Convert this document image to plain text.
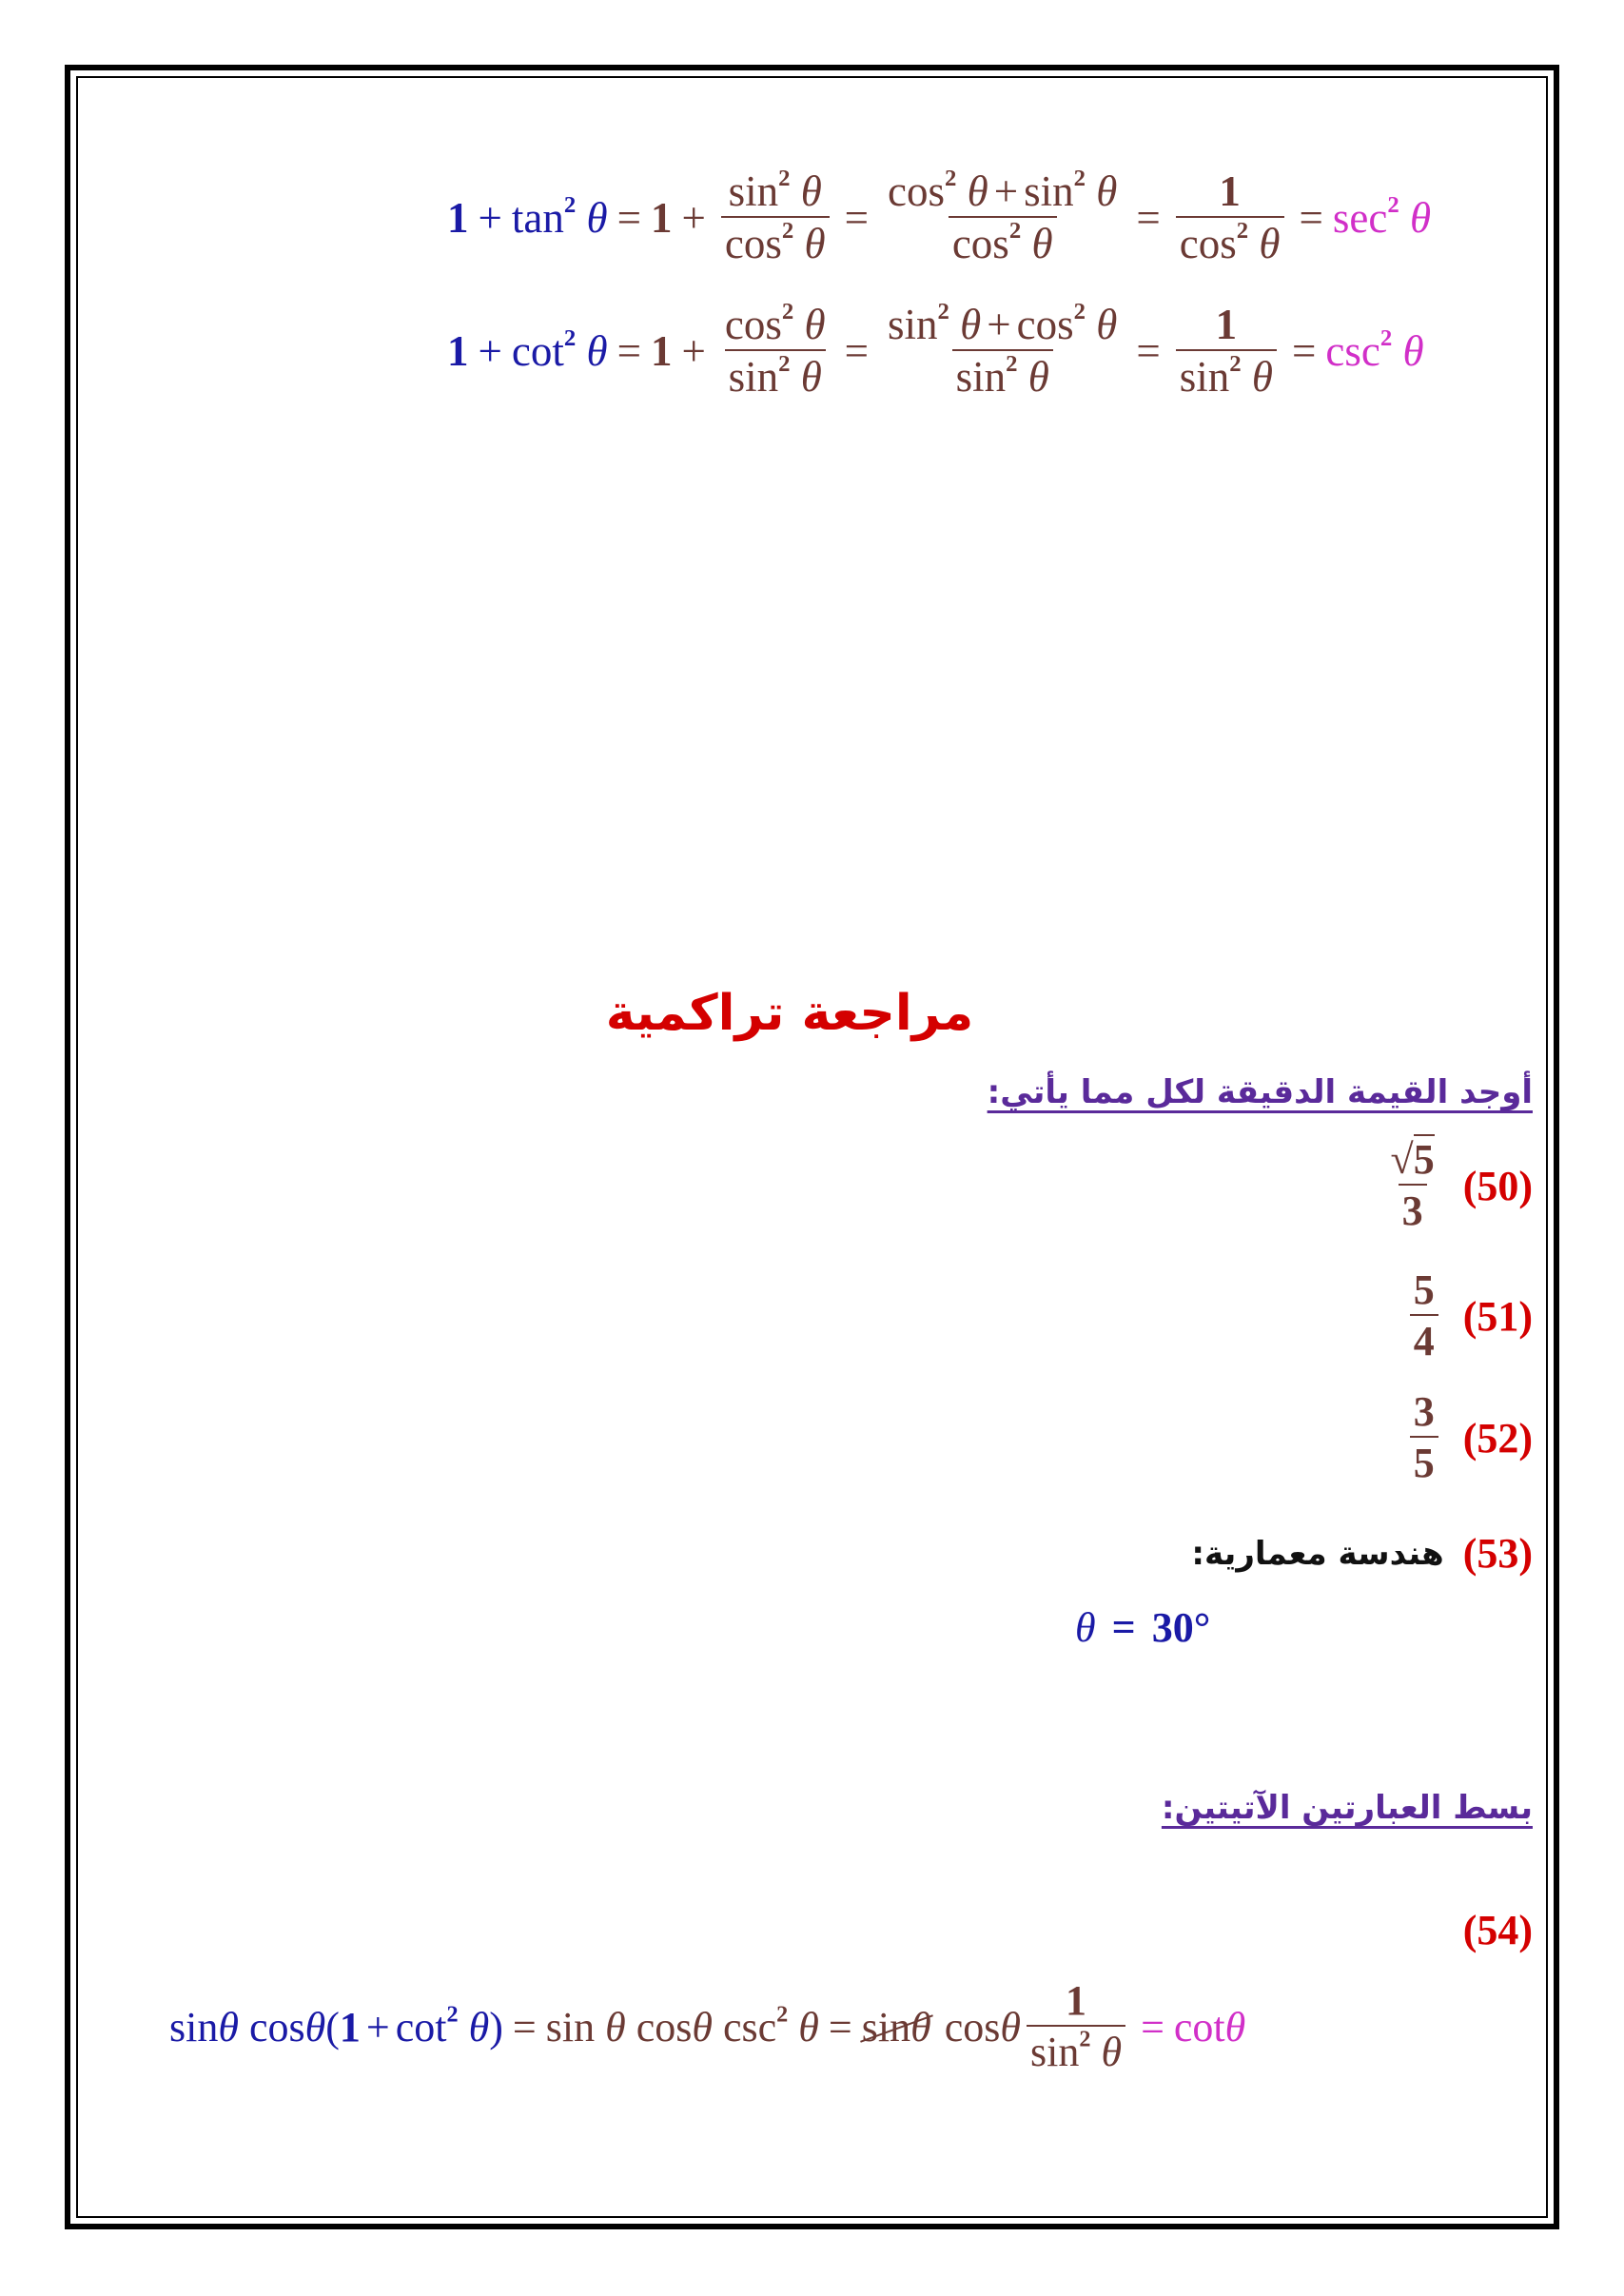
$1 + \tan^2 \theta = 1 + \frac{\sin^2 \theta}{\cos^2 \theta} = \frac{\cos^2 \theta + \sin^2 \theta}{\cos^2 \theta} = \frac{1}{\cos^2 \theta} = \sec^2 \theta$
$1 + \cot^2 \theta = 1 + \frac{\cos^2 \theta}{\sin^2 \theta} = \frac{\sin^2 \theta + \cos^2 \theta}{\sin^2 \theta} = \frac{1}{\sin^2 \theta} = \csc^2 \theta$
مراجعة تراكمية
أوجد القيمة الدقيقة لكل مما يأتي:
$\frac{√5}{3} (50)$
$\frac{5}{4} (51)$
$\frac{3}{5} (52)$
هندسة معمارية: (53)
θ = 30°
بسط العبارتين الآتيتين:
(54)
sinθ cosθ $(1 + \cot^2 \theta) = \sin \theta$ cosθ $\csc^2 \theta = \sin\theta$ cosθ $\frac{1}{\sin^2 \theta} = \cot\theta$
